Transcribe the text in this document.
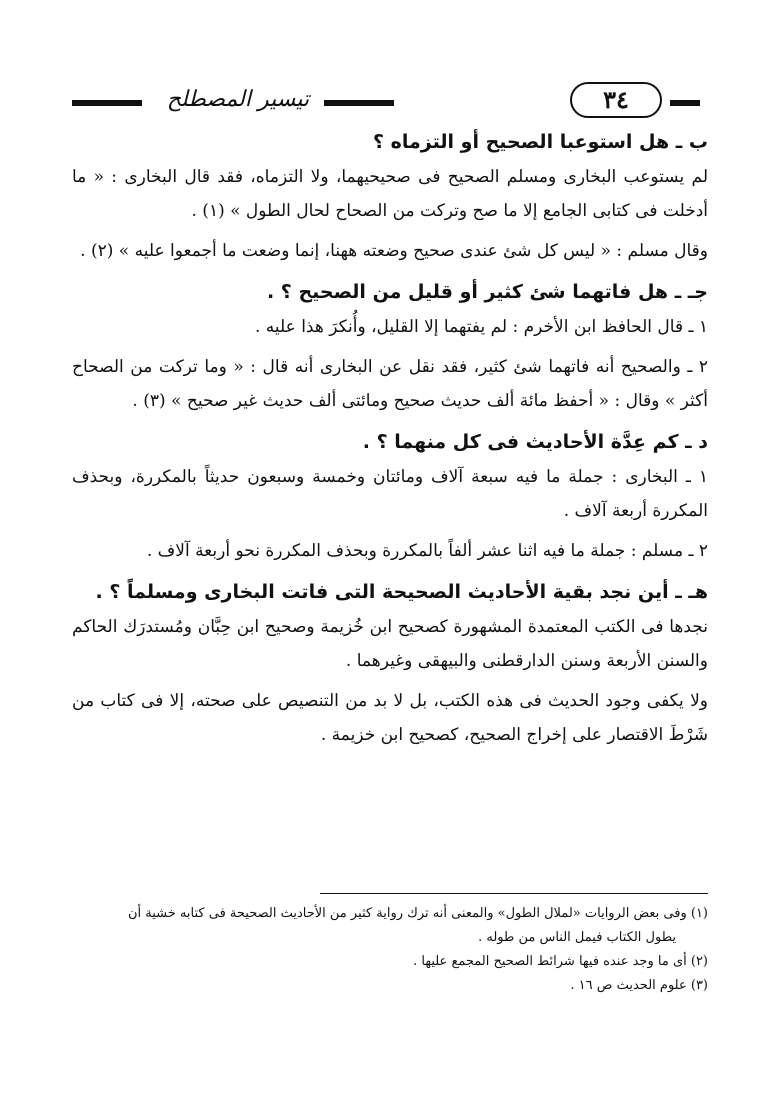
٣٤
تيسير المصطلح
ب ـ هل استوعبا الصحيح أو التزماه ؟

لم يستوعب البخارى ومسلم الصحيح فى صحيحيهما، ولا التزماه، فقد قال البخارى : « ما أدخلت فى كتابى الجامع إلا ما صح وتركت من الصحاح لحال الطول » (١) .

وقال مسلم : « ليس كل شئ عندى صحيح وضعته ههنا، إنما وضعت ما أجمعوا عليه » (٢) .

جـ ـ هل فاتهما شئ كثير أو قليل من الصحيح ؟ .

١ ـ قال الحافظ ابن الأخرم : لم يفتهما إلا القليل، وأُنكرَ هذا عليه .

٢ ـ والصحيح أنه فاتهما شئ كثير، فقد نقل عن البخارى أنه قال : « وما تركت من الصحاح أكثر » وقال : « أحفظ مائة ألف حديث صحيح ومائتى ألف حديث غير صحيح » (٣) .

د ـ كم عِدَّة الأحاديث فى كل منهما ؟ .

١ ـ البخارى : جملة ما فيه سبعة آلاف ومائتان وخمسة وسبعون حديثاً بالمكررة، وبحذف المكررة أربعة آلاف .

٢ ـ مسلم : جملة ما فيه اثنا عشر ألفاً بالمكررة وبحذف المكررة نحو أربعة آلاف .

هـ ـ أين نجد بقية الأحاديث الصحيحة التى فاتت البخارى ومسلماً ؟ .

نجدها فى الكتب المعتمدة المشهورة كصحيح ابن خُزيمة وصحيح ابن حِبَّان ومُستدرَك الحاكم والسنن الأربعة وسنن الدارقطنى والبيهقى وغيرهما .

ولا يكفى وجود الحديث فى هذه الكتب، بل لا بد من التنصيص على صحته، إلا فى كتاب من شَرْطَ الاقتصار على إخراج الصحيح، كصحيح ابن خزيمة .

(١) وفى بعض الروايات «لملال الطول» والمعنى أنه ترك رواية كثير من الأحاديث الصحيحة فى كتابه خشية أن

يطول الكتاب فيمل الناس من طوله .

(٢) أى ما وجد عنده فيها شرائط الصحيح المجمع عليها .

(٣) علوم الحديث ص ١٦ .
